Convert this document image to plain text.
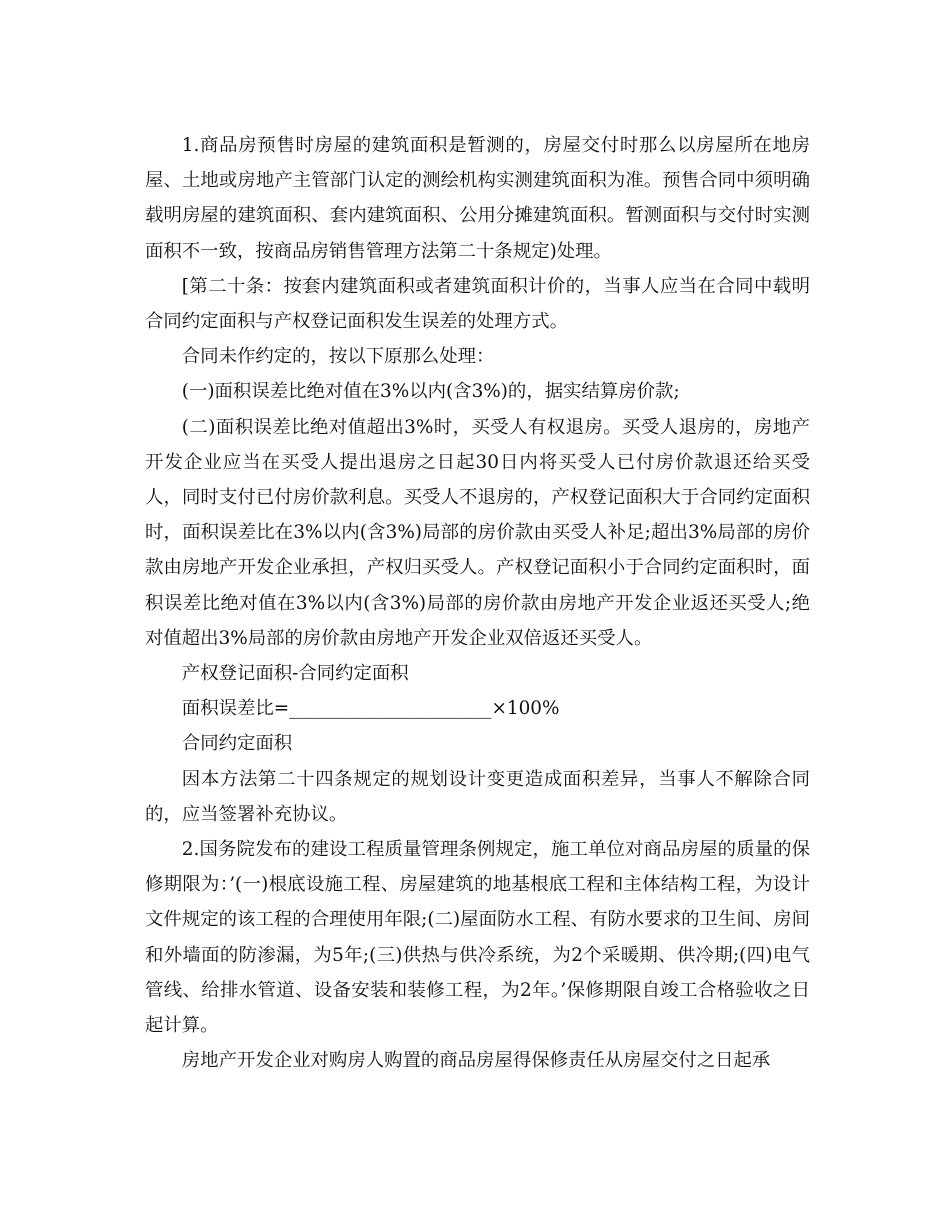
1.商品房预售时房屋的建筑面积是暂测的，房屋交付时那么以房屋所在地房屋、土地或房地产主管部门认定的测绘机构实测建筑面积为准。预售合同中须明确载明房屋的建筑面积、套内建筑面积、公用分摊建筑面积。暂测面积与交付时实测面积不一致，按商品房销售管理方法第二十条规定)处理。

[第二十条：按套内建筑面积或者建筑面积计价的，当事人应当在合同中载明合同约定面积与产权登记面积发生误差的处理方式。

合同未作约定的，按以下原那么处理：

(一)面积误差比绝对值在3%以内(含3%)的，据实结算房价款;

(二)面积误差比绝对值超出3%时，买受人有权退房。买受人退房的，房地产开发企业应当在买受人提出退房之日起30日内将买受人已付房价款退还给买受人，同时支付已付房价款利息。买受人不退房的，产权登记面积大于合同约定面积时，面积误差比在3%以内(含3%)局部的房价款由买受人补足;超出3%局部的房价款由房地产开发企业承担，产权归买受人。产权登记面积小于合同约定面积时，面积误差比绝对值在3%以内(含3%)局部的房价款由房地产开发企业返还买受人;绝对值超出3%局部的房价款由房地产开发企业双倍返还买受人。

产权登记面积-合同约定面积

面积误差比=______________________×100%

合同约定面积

因本方法第二十四条规定的规划设计变更造成面积差异，当事人不解除合同的，应当签署补充协议。

2.国务院发布的建设工程质量管理条例规定，施工单位对商品房屋的质量的保修期限为：’(一)根底设施工程、房屋建筑的地基根底工程和主体结构工程，为设计文件规定的该工程的合理使用年限;(二)屋面防水工程、有防水要求的卫生间、房间和外墙面的防渗漏，为5年;(三)供热与供冷系统，为2个采暖期、供冷期;(四)电气管线、给排水管道、设备安装和装修工程，为2年。’保修期限自竣工合格验收之日起计算。

房地产开发企业对购房人购置的商品房屋得保修责任从房屋交付之日起承
